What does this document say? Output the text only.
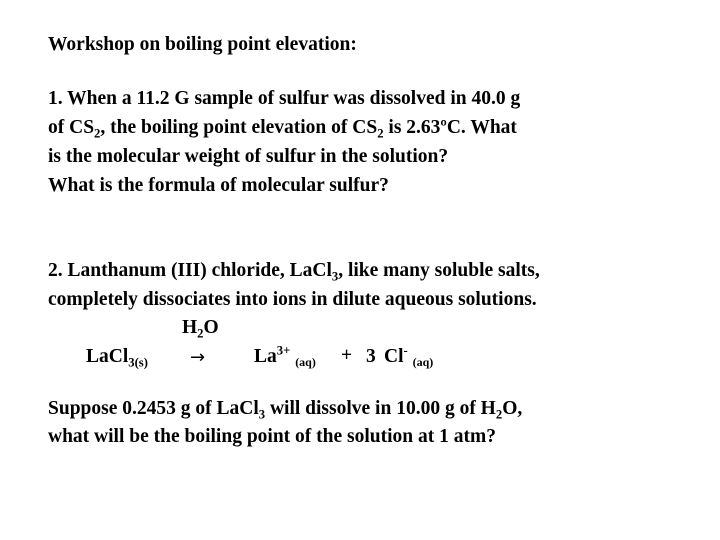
Workshop on boiling point elevation:
1. When a 11.2 G sample of sulfur was dissolved in 40.0 g
of $CS_2$, the boiling point elevation of $CS_2$ is 2.63ºC. What
is the molecular weight of sulfur in the solution?
What is the formula of molecular sulfur?
2. Lanthanum (III) chloride, LaCl$_3$, like many soluble salts,
completely dissociates into ions in dilute aqueous solutions.
$H_2O$
LaCl$_{3(s)}$ →	$La^{3+}$ $_{(aq)}$ + 3 Cl- $_{(aq)}$
Suppose 0.2453 g of LaCl$_3$ will dissolve in 10.00 g of $H_2O$,
what will be the boiling point of the solution at 1 atm?
